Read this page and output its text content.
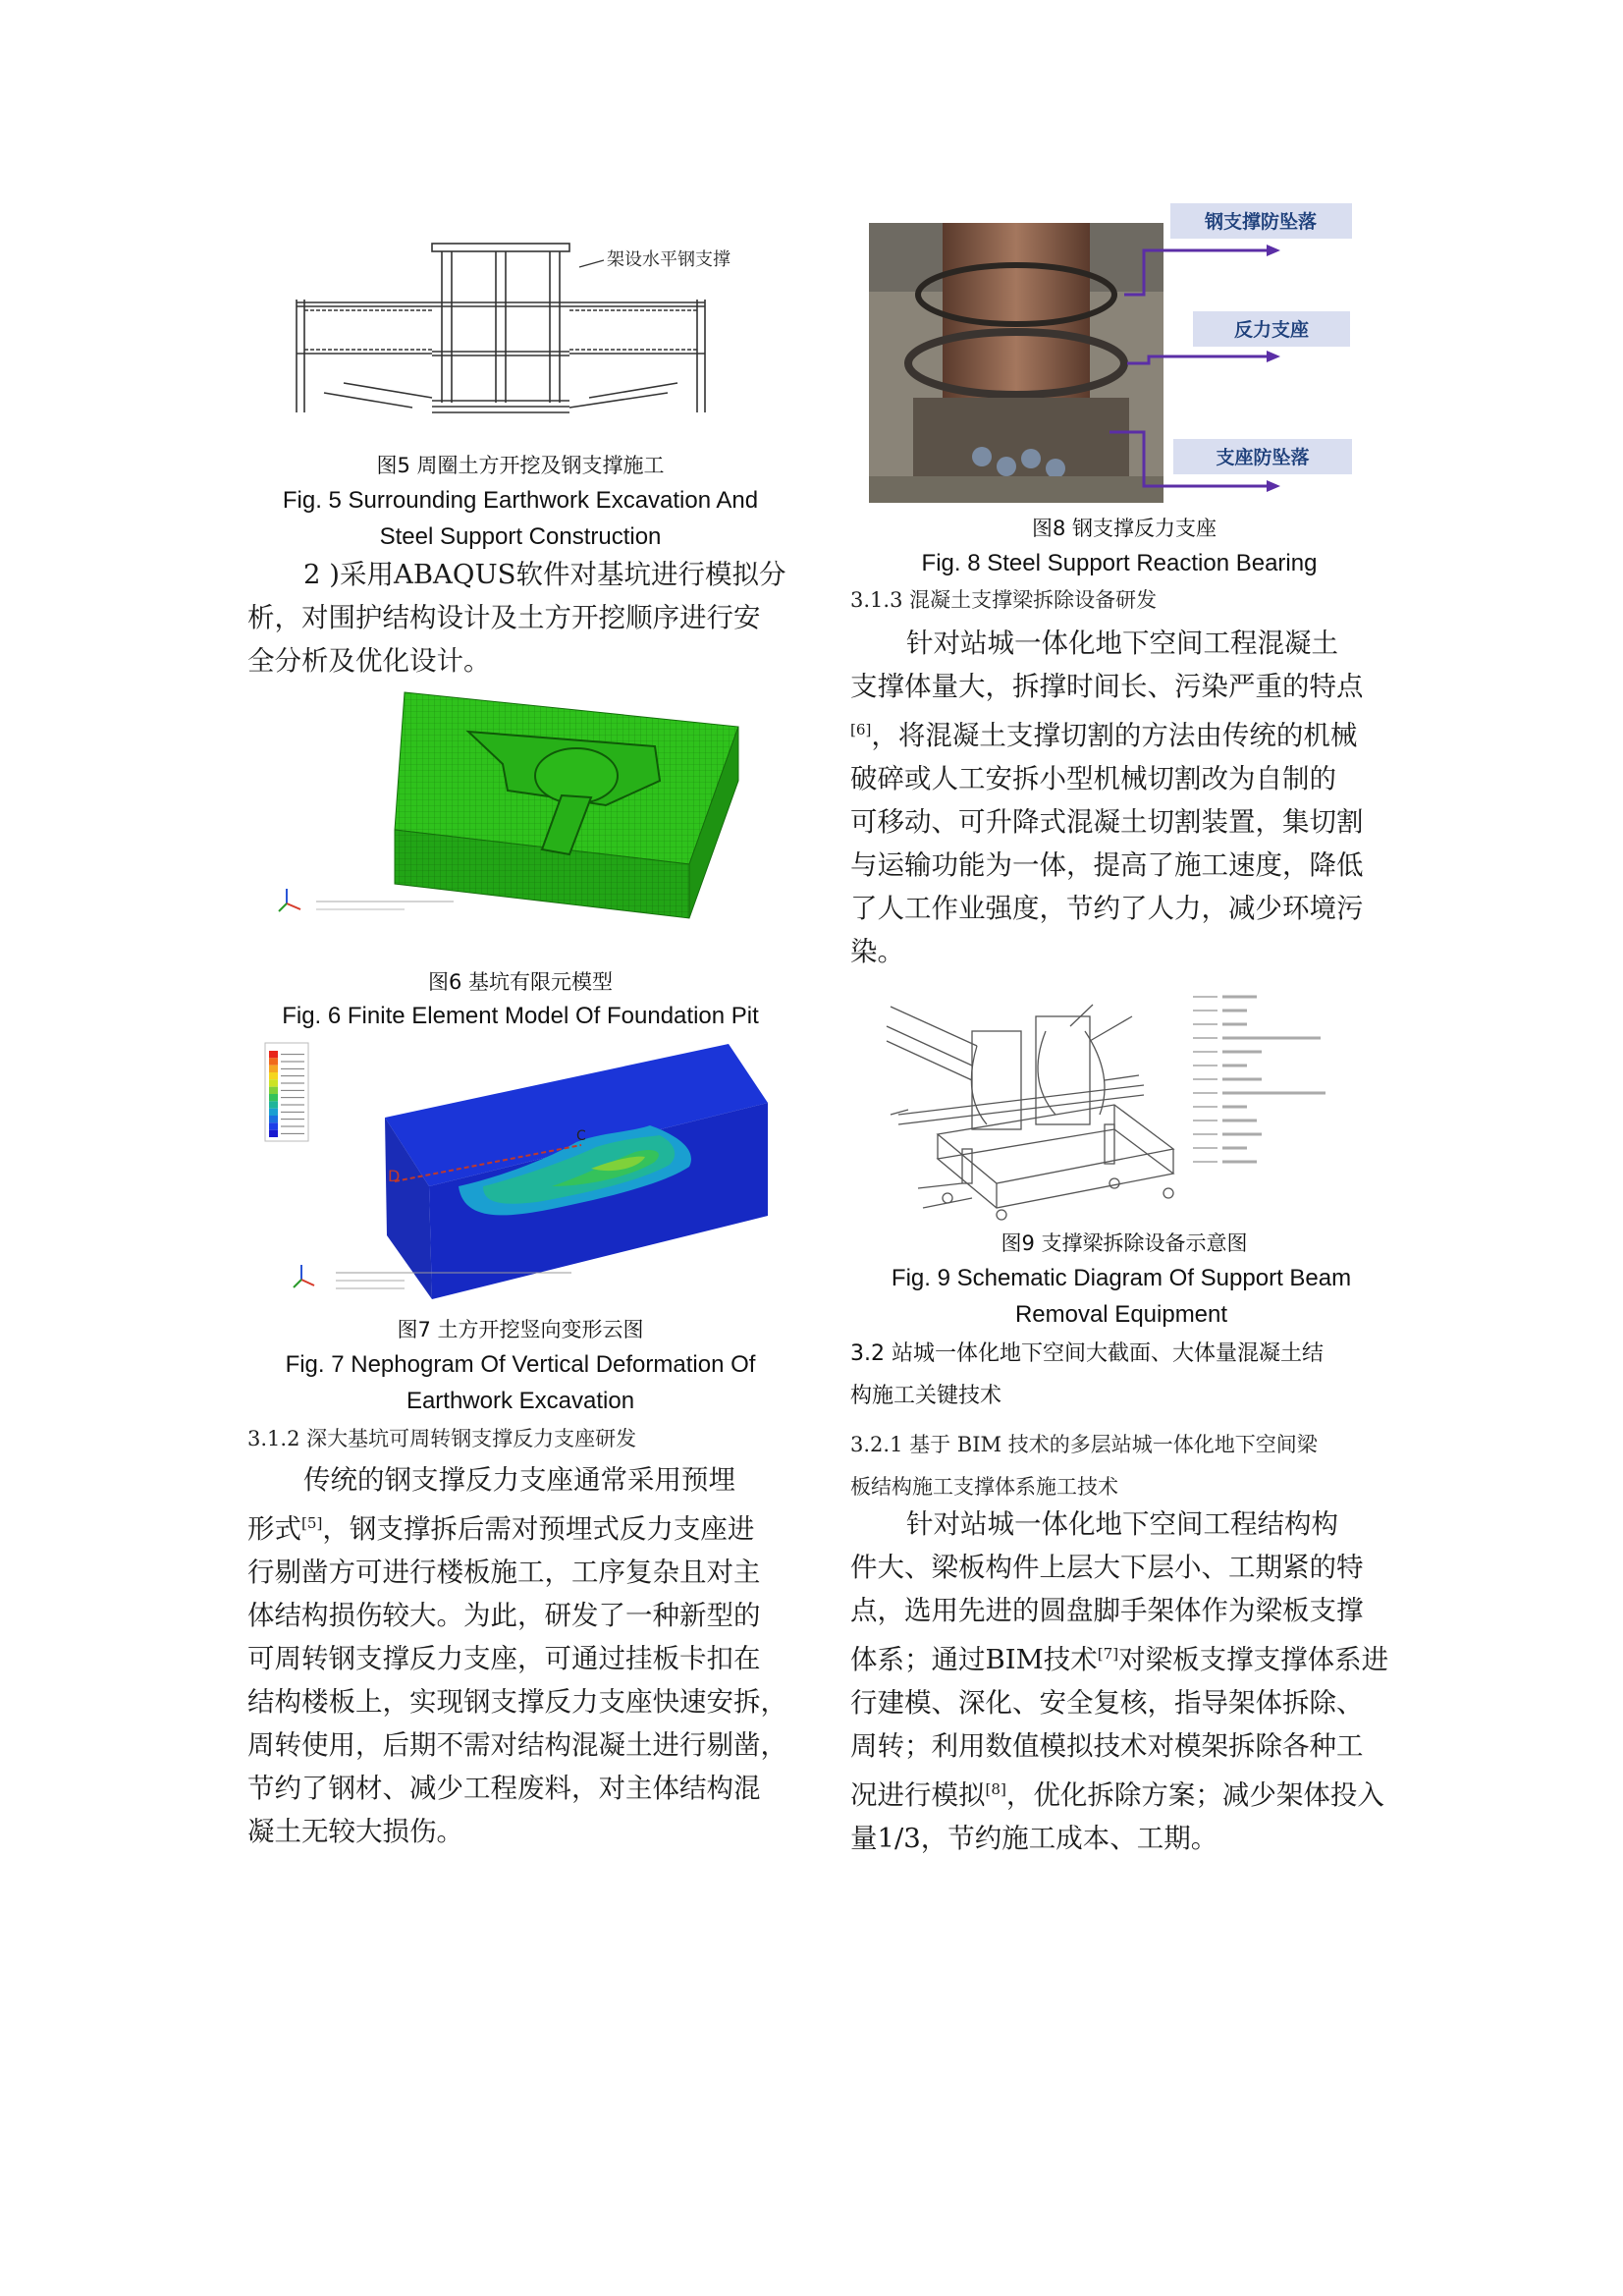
架设水平钢支撑
图5 周圈土方开挖及钢支撑施工
Fig. 5 Surrounding Earthwork Excavation And
Steel Support Construction
2 )采用ABAQUS软件对基坑进行模拟分
析，对围护结构设计及土方开挖顺序进行安
全分析及优化设计。
图6 基坑有限元模型
Fig. 6 Finite Element Model Of Foundation Pit
D
C
图7 土方开挖竖向变形云图
Fig. 7 Nephogram Of Vertical Deformation Of
Earthwork Excavation
3.1.2 深大基坑可周转钢支撑反力支座研发
传统的钢支撑反力支座通常采用预埋
形式[5]，钢支撑拆后需对预埋式反力支座进
行剔凿方可进行楼板施工，工序复杂且对主
体结构损伤较大。为此，研发了一种新型的
可周转钢支撑反力支座，可通过挂板卡扣在
结构楼板上，实现钢支撑反力支座快速安拆，
周转使用，后期不需对结构混凝土进行剔凿，
节约了钢材、减少工程废料，对主体结构混
凝土无较大损伤。
钢支撑防坠落
反力支座
支座防坠落
图8 钢支撑反力支座
Fig. 8 Steel Support Reaction Bearing
3.1.3 混凝土支撑梁拆除设备研发
针对站城一体化地下空间工程混凝土
支撑体量大，拆撑时间长、污染严重的特点
[6]，将混凝土支撑切割的方法由传统的机械
破碎或人工安拆小型机械切割改为自制的
可移动、可升降式混凝土切割装置，集切割
与运输功能为一体，提高了施工速度，降低
了人工作业强度，节约了人力，减少环境污
染。
图9 支撑梁拆除设备示意图
Fig. 9 Schematic Diagram Of Support Beam
Removal Equipment
3.2 站城一体化地下空间大截面、大体量混凝土结
构施工关键技术
3.2.1 基于 BIM 技术的多层站城一体化地下空间梁
板结构施工支撑体系施工技术
针对站城一体化地下空间工程结构构
件大、梁板构件上层大下层小、工期紧的特
点，选用先进的圆盘脚手架体作为梁板支撑
体系；通过BIM技术[7]对梁板支撑支撑体系进
行建模、深化、安全复核，指导架体拆除、
周转；利用数值模拟技术对模架拆除各种工
况进行模拟[8]，优化拆除方案；减少架体投入
量1/3，节约施工成本、工期。
